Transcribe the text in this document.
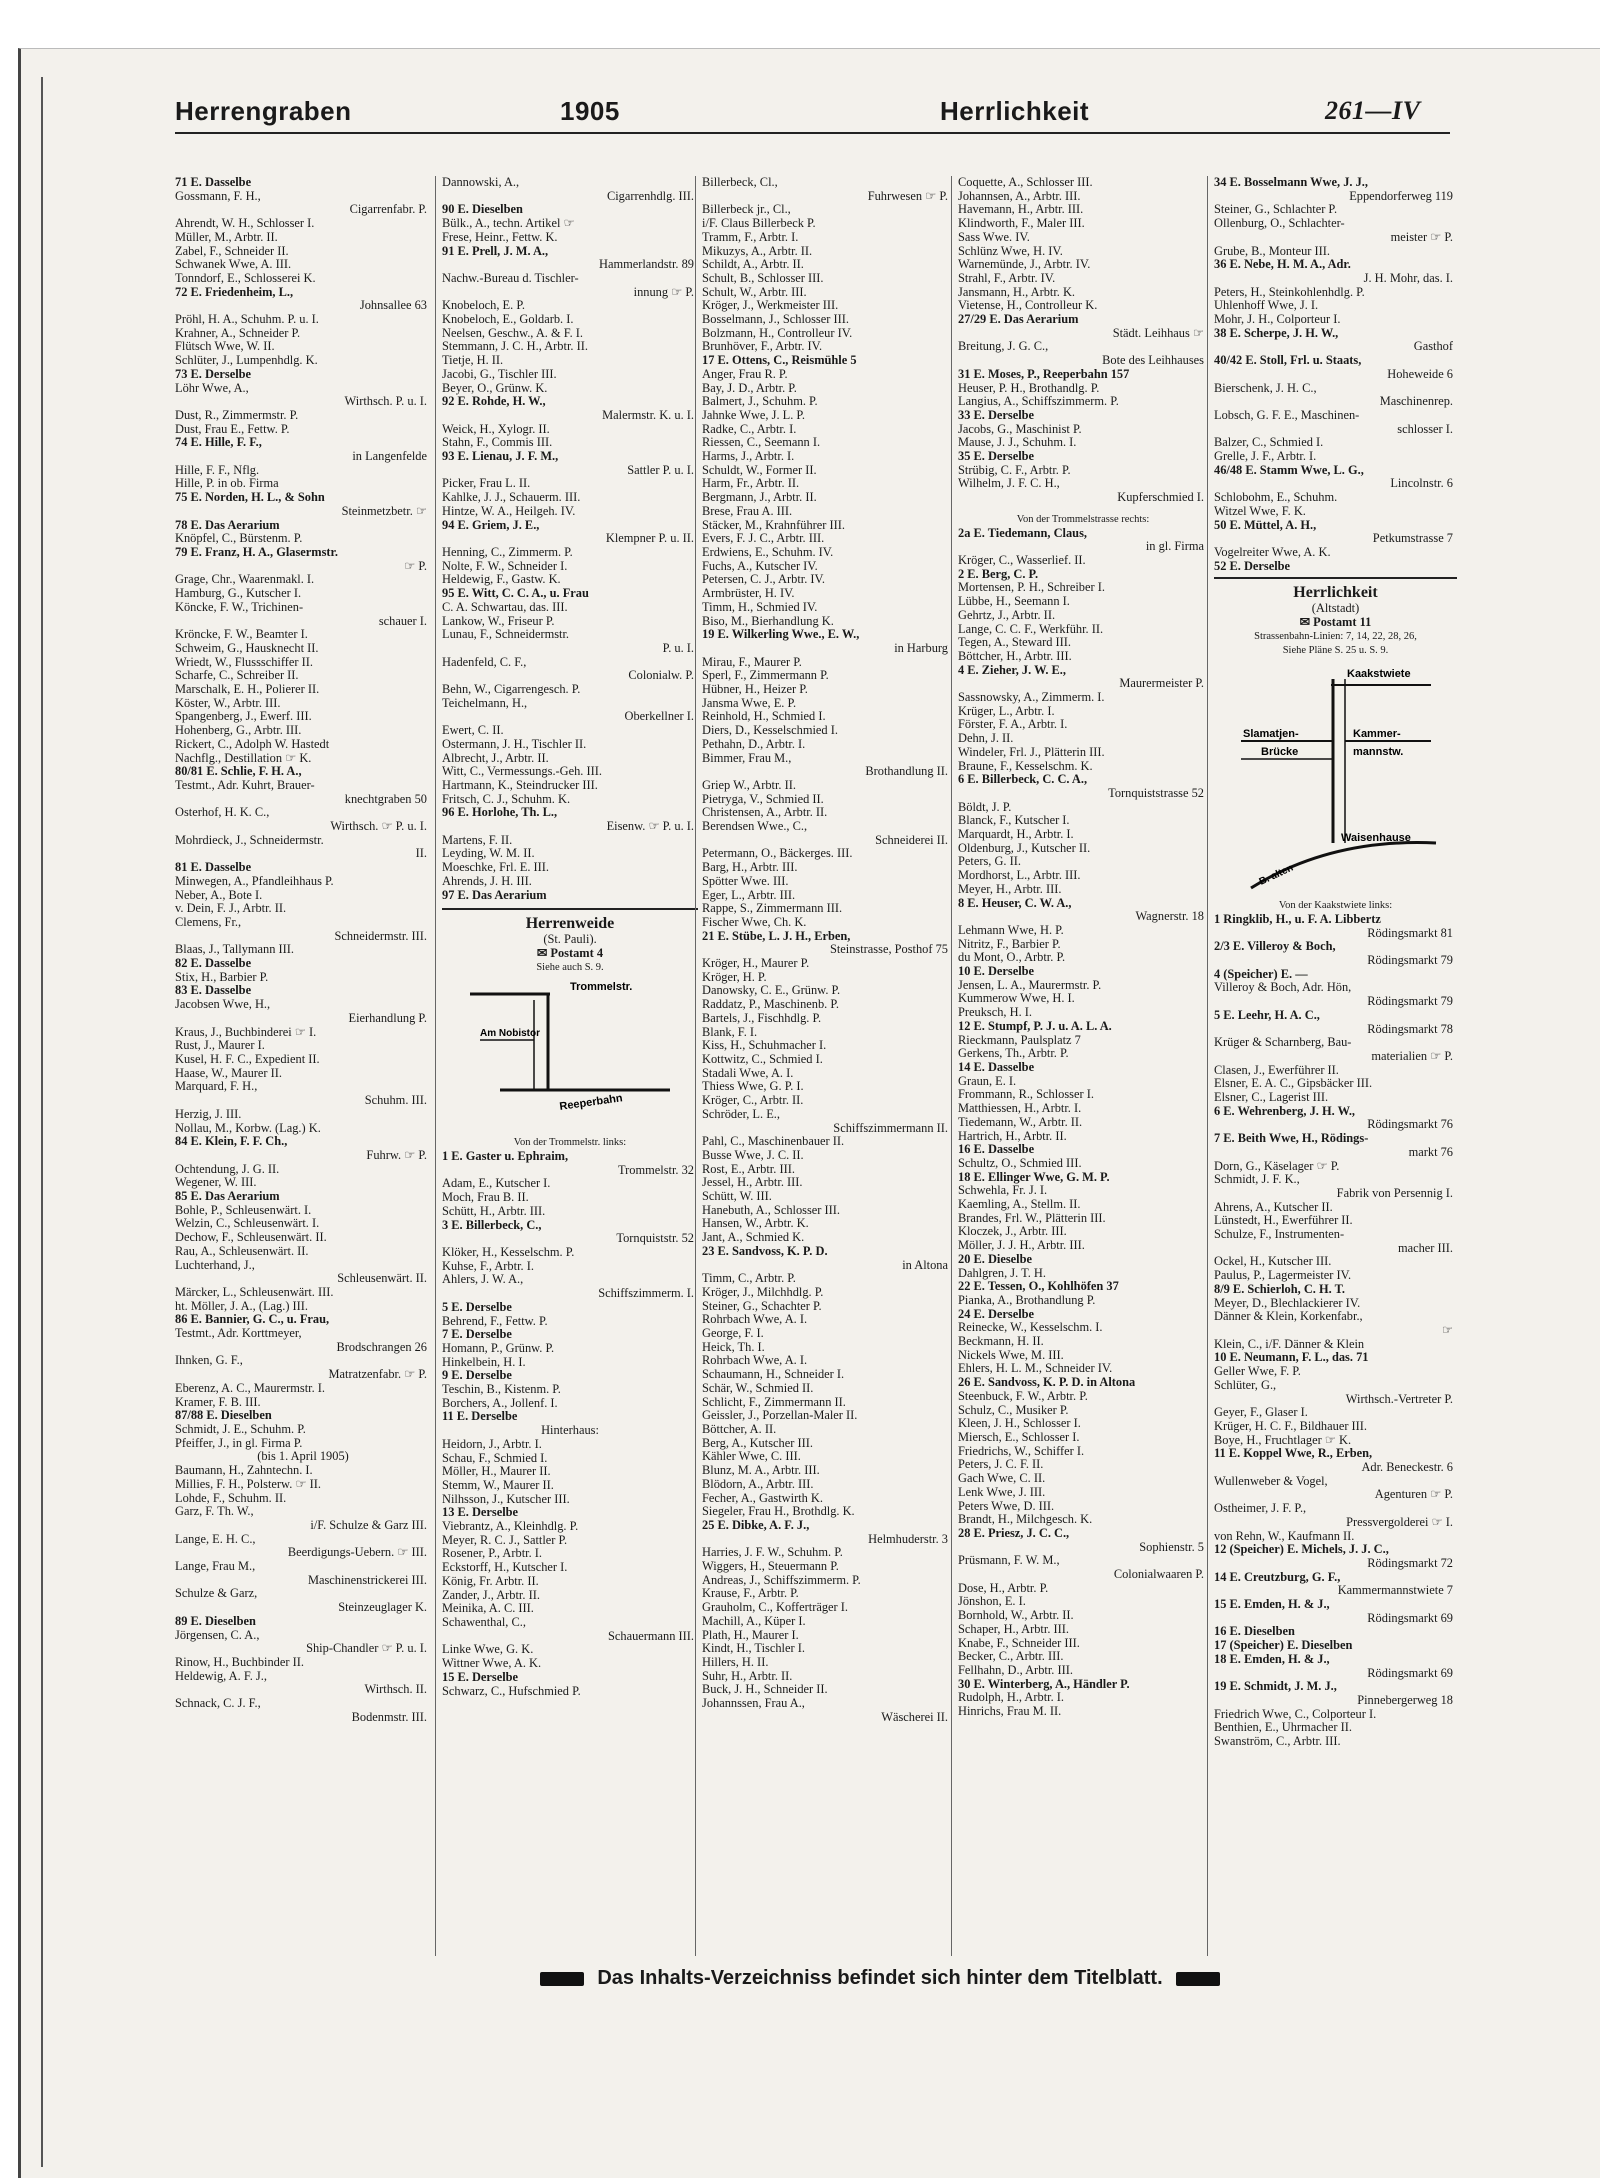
Herrengraben	1905	Herrlichkeit	261—IV
71 E. Dasselbe
Gossmann, F. H.,
Cigarrenfabr. P.
Ahrendt, W. H., Schlosser I.
Müller, M., Arbtr. II.
Zabel, F., Schneider II.
Schwanek Wwe, A. III.
Tonndorf, E., Schlosserei K.
72 E. Friedenheim, L.,
Johnsallee 63
Pröhl, H. A., Schuhm. P. u. I.
Krahner, A., Schneider P.
Flütsch Wwe, W. II.
Schlüter, J., Lumpenhdlg. K.
73 E. Derselbe
Löhr Wwe, A.,
Wirthsch. P. u. I.
Dust, R., Zimmermstr. P.
Dust, Frau E., Fettw. P.
74 E. Hille, F. F.,
in Langenfelde
Hille, F. F., Nflg.
Hille, P. in ob. Firma
75 E. Norden, H. L., & Sohn
Steinmetzbetr. ☞
78 E. Das Aerarium
Knöpfel, C., Bürstenm. P.
79 E. Franz, H. A., Glasermstr.
☞ P.
Grage, Chr., Waarenmakl. I.
Hamburg, G., Kutscher I.
Köncke, F. W., Trichinen-
schauer I.
Kröncke, F. W., Beamter I.
Schweim, G., Hausknecht II.
Wriedt, W., Flussschiffer II.
Scharfe, C., Schreiber II.
Marschalk, E. H., Polierer II.
Köster, W., Arbtr. III.
Spangenberg, J., Ewerf. III.
Hohenberg, G., Arbtr. III.
Rickert, C., Adolph W. Hastedt
Nachflg., Destillation ☞ K.
80/81 E. Schlie, F. H. A.,
Testmt., Adr. Kuhrt, Brauer-
knechtgraben 50
Osterhof, H. K. C.,
Wirthsch. ☞ P. u. I.
Mohrdieck, J., Schneidermstr.
II.
81 E. Dasselbe
Minwegen, A., Pfandleihhaus P.
Neber, A., Bote I.
v. Dein, F. J., Arbtr. II.
Clemens, Fr.,
Schneidermstr. III.
Blaas, J., Tallymann III.
82 E. Dasselbe
Stix, H., Barbier P.
83 E. Dasselbe
Jacobsen Wwe, H.,
Eierhandlung P.
Kraus, J., Buchbinderei ☞ I.
Rust, J., Maurer I.
Kusel, H. F. C., Expedient II.
Haase, W., Maurer II.
Marquard, F. H.,
Schuhm. III.
Herzig, J. III.
Nollau, M., Korbw. (Lag.) K.
84 E. Klein, F. F. Ch.,
Fuhrw. ☞ P.
Ochtendung, J. G. II.
Wegener, W. III.
85 E. Das Aerarium
Bohle, P., Schleusenwärt. I.
Welzin, C., Schleusenwärt. I.
Dechow, F., Schleusenwärt. II.
Rau, A., Schleusenwärt. II.
Luchterhand, J.,
Schleusenwärt. II.
Märcker, L., Schleusenwärt. III.
ht. Möller, J. A., (Lag.) III.
86 E. Bannier, G. C., u. Frau,
Testmt., Adr. Korttmeyer,
Brodschrangen 26
Ihnken, G. F.,
Matratzenfabr. ☞ P.
Eberenz, A. C., Maurermstr. I.
Kramer, F. B. III.
87/88 E. Dieselben
Schmidt, J. E., Schuhm. P.
Pfeiffer, J., in gl. Firma P.
(bis 1. April 1905)
Baumann, H., Zahntechn. I.
Millies, F. H., Polsterw. ☞ II.
Lohde, F., Schuhm. II.
Garz, F. Th. W.,
i/F. Schulze & Garz III.
Lange, E. H. C.,
Beerdigungs-Uebern. ☞ III.
Lange, Frau M.,
Maschinenstrickerei III.
Schulze & Garz,
Steinzeuglager K.
89 E. Dieselben
Jörgensen, C. A.,
Ship-Chandler ☞ P. u. I.
Rinow, H., Buchbinder II.
Heldewig, A. F. J.,
Wirthsch. II.
Schnack, C. J. F.,
Bodenmstr. III.
Dannowski, A.,
Cigarrenhdlg. III.
90 E. Dieselben
Bülk., A., techn. Artikel ☞
Frese, Heinr., Fettw. K.
91 E. Prell, J. M. A.,
Hammerlandstr. 89
Nachw.-Bureau d. Tischler-
innung ☞ P.
Knobeloch, E. P.
Knobeloch, E., Goldarb. I.
Neelsen, Geschw., A. & F. I.
Stemmann, J. C. H., Arbtr. II.
Tietje, H. II.
Jacobi, G., Tischler III.
Beyer, O., Grünw. K.
92 E. Rohde, H. W.,
Malermstr. K. u. I.
Weick, H., Xylogr. II.
Stahn, F., Commis III.
93 E. Lienau, J. F. M.,
Sattler P. u. I.
Picker, Frau L. II.
Kahlke, J. J., Schauerm. III.
Hintze, W. A., Heilgeh. IV.
94 E. Griem, J. E.,
Klempner P. u. II.
Henning, C., Zimmerm. P.
Nolte, F. W., Schneider I.
Heldewig, F., Gastw. K.
95 E. Witt, C. C. A., u. Frau
C. A. Schwartau, das. III.
Lankow, W., Friseur P.
Lunau, F., Schneidermstr.
P. u. I.
Hadenfeld, C. F.,
Colonialw. P.
Behn, W., Cigarrengesch. P.
Teichelmann, H.,
Oberkellner I.
Ewert, C. II.
Ostermann, J. H., Tischler II.
Albrecht, J., Arbtr. II.
Witt, C., Vermessungs.-Geh. III.
Hartmann, K., Steindrucker III.
Fritsch, C. J., Schuhm. K.
96 E. Horlohe, Th. L.,
Eisenw. ☞ P. u. I.
Martens, F. II.
Leyding, W. M. II.
Moeschke, Frl. E. III.
Ahrends, J. H. III.
97 E. Das Aerarium
Herrenweide
(St. Pauli).
✉ Postamt 4
Siehe auch S. 9.
Trommelstr.
Am Nobistor
Reeperbahn
Von der Trommelstr. links:
1 E. Gaster u. Ephraim,
Trommelstr. 32
Adam, E., Kutscher I.
Moch, Frau B. II.
Schütt, H., Arbtr. III.
3 E. Billerbeck, C.,
Tornquiststr. 52
Klöker, H., Kesselschm. P.
Kuhse, F., Arbtr. I.
Ahlers, J. W. A.,
Schiffszimmerm. I.
5 E. Derselbe
Behrend, F., Fettw. P.
7 E. Derselbe
Homann, P., Grünw. P.
Hinkelbein, H. I.
9 E. Derselbe
Teschin, B., Kistenm. P.
Borchers, A., Jollenf. I.
11 E. Derselbe
Hinterhaus:
Heidorn, J., Arbtr. I.
Schau, F., Schmied I.
Möller, H., Maurer II.
Stemm, W., Maurer II.
Nilhsson, J., Kutscher III.
13 E. Derselbe
Viebrantz, A., Kleinhdlg. P.
Meyer, R. C. J., Sattler P.
Rosener, P., Arbtr. I.
Eckstorff, H., Kutscher I.
König, Fr. Arbtr. II.
Zander, J., Arbtr. II.
Meinika, A. C. III.
Schawenthal, C.,
Schauermann III.
Linke Wwe, G. K.
Wittner Wwe, A. K.
15 E. Derselbe
Schwarz, C., Hufschmied P.
Billerbeck, Cl.,
Fuhrwesen ☞ P.
Billerbeck jr., Cl.,
i/F. Claus Billerbeck P.
Tramm, F., Arbtr. I.
Mikuzys, A., Arbtr. II.
Schildt, A., Arbtr. II.
Schult, B., Schlosser III.
Schult, W., Arbtr. III.
Kröger, J., Werkmeister III.
Bosselmann, J., Schlosser III.
Bolzmann, H., Controlleur IV.
Brunhöver, F., Arbtr. IV.
17 E. Ottens, C., Reismühle 5
Anger, Frau R. P.
Bay, J. D., Arbtr. P.
Balmert, J., Schuhm. P.
Jahnke Wwe, J. L. P.
Radke, C., Arbtr. I.
Riessen, C., Seemann I.
Harms, J., Arbtr. I.
Schuldt, W., Former II.
Harm, Fr., Arbtr. II.
Bergmann, J., Arbtr. II.
Brese, Frau A. III.
Stäcker, M., Krahnführer III.
Evers, F. J. C., Arbtr. III.
Erdwiens, E., Schuhm. IV.
Fuchs, A., Kutscher IV.
Petersen, C. J., Arbtr. IV.
Armbrüster, H. IV.
Timm, H., Schmied IV.
Biso, M., Bierhandlung K.
19 E. Wilkerling Wwe., E. W.,
in Harburg
Mirau, F., Maurer P.
Sperl, F., Zimmermann P.
Hübner, H., Heizer P.
Jansma Wwe, E. P.
Reinhold, H., Schmied I.
Diers, D., Kesselschmied I.
Pethahn, D., Arbtr. I.
Bimmer, Frau M.,
Brothandlung II.
Griep W., Arbtr. II.
Pietryga, V., Schmied II.
Christensen, A., Arbtr. II.
Berendsen Wwe., C.,
Schneiderei II.
Petermann, O., Bäckerges. III.
Barg, H., Arbtr. III.
Spötter Wwe. III.
Eger, L., Arbtr. III.
Rappe, S., Zimmermann III.
Fischer Wwe, Ch. K.
21 E. Stübe, L. J. H., Erben,
Steinstrasse, Posthof 75
Kröger, H., Maurer P.
Kröger, H. P.
Danowsky, C. E., Grünw. P.
Raddatz, P., Maschinenb. P.
Bartels, J., Fischhdlg. P.
Blank, F. I.
Kiss, H., Schuhmacher I.
Kottwitz, C., Schmied I.
Stadali Wwe, A. I.
Thiess Wwe, G. P. I.
Kröger, C., Arbtr. II.
Schröder, L. E.,
Schiffszimmermann II.
Pahl, C., Maschinenbauer II.
Busse Wwe, J. C. II.
Rost, E., Arbtr. III.
Jessel, H., Arbtr. III.
Schütt, W. III.
Hanebuth, A., Schlosser III.
Hansen, W., Arbtr. K.
Jant, A., Schmied K.
23 E. Sandvoss, K. P. D.
in Altona
Timm, C., Arbtr. P.
Kröger, J., Milchhdlg. P.
Steiner, G., Schachter P.
Rohrbach Wwe, A. I.
George, F. I.
Heick, Th. I.
Rohrbach Wwe, A. I.
Schaumann, H., Schneider I.
Schär, W., Schmied II.
Schlicht, F., Zimmermann II.
Geissler, J., Porzellan-Maler II.
Böttcher, A. II.
Berg, A., Kutscher III.
Kähler Wwe, C. III.
Blunz, M. A., Arbtr. III.
Blödorn, A., Arbtr. III.
Fecher, A., Gastwirth K.
Siegeler, Frau H., Brothdlg. K.
25 E. Dibke, A. F. J.,
Helmhuderstr. 3
Harries, J. F. W., Schuhm. P.
Wiggers, H., Steuermann P.
Andreas, J., Schiffszimmerm. P.
Krause, F., Arbtr. P.
Grauholm, C., Kofferträger I.
Machill, A., Küper I.
Plath, H., Maurer I.
Kindt, H., Tischler I.
Hillers, H. II.
Suhr, H., Arbtr. II.
Buck, J. H., Schneider II.
Johannssen, Frau A.,
Wäscherei II.
Coquette, A., Schlosser III.
Johannsen, A., Arbtr. III.
Havemann, H., Arbtr. III.
Klindworth, F., Maler III.
Sass Wwe. IV.
Schlünz Wwe, H. IV.
Warnemünde, J., Arbtr. IV.
Strahl, F., Arbtr. IV.
Jansmann, H., Arbtr. K.
Vietense, H., Controlleur K.
27/29 E. Das Aerarium
Städt. Leihhaus ☞
Breitung, J. G. C.,
Bote des Leihhauses
31 E. Moses, P., Reeperbahn 157
Heuser, P. H., Brothandlg. P.
Langius, A., Schiffszimmerm. P.
33 E. Derselbe
Jacobs, G., Maschinist P.
Mause, J. J., Schuhm. I.
35 E. Derselbe
Strübig, C. F., Arbtr. P.
Wilhelm, J. F. C. H.,
Kupferschmied I.
Von der Trommelstrasse rechts:
2a E. Tiedemann, Claus,
in gl. Firma
Kröger, C., Wasserlief. II.
2 E. Berg, C. P.
Mortensen, P. H., Schreiber I.
Lübbe, H., Seemann I.
Gehrtz, J., Arbtr. II.
Lange, C. C. F., Werkführ. II.
Tegen, A., Steward III.
Böttcher, H., Arbtr. III.
4 E. Zieher, J. W. E.,
Maurermeister P.
Sassnowsky, A., Zimmerm. I.
Krüger, L., Arbtr. I.
Förster, F. A., Arbtr. I.
Dehn, J. II.
Windeler, Frl. J., Plätterin III.
Braune, F., Kesselschm. K.
6 E. Billerbeck, C. C. A.,
Tornquiststrasse 52
Böldt, J. P.
Blanck, F., Kutscher I.
Marquardt, H., Arbtr. I.
Oldenburg, J., Kutscher II.
Peters, G. II.
Mordhorst, L., Arbtr. III.
Meyer, H., Arbtr. III.
8 E. Heuser, C. W. A.,
Wagnerstr. 18
Lehmann Wwe, H. P.
Nitritz, F., Barbier P.
du Mont, O., Arbtr. P.
10 E. Derselbe
Jensen, L. A., Maurermstr. P.
Kummerow Wwe, H. I.
Preuksch, H. I.
12 E. Stumpf, P. J. u. A. L. A.
Rieckmann, Paulsplatz 7
Gerkens, Th., Arbtr. P.
14 E. Dasselbe
Graun, E. I.
Frommann, R., Schlosser I.
Matthiessen, H., Arbtr. I.
Tiedemann, W., Arbtr. II.
Hartrich, H., Arbtr. II.
16 E. Dasselbe
Schultz, O., Schmied III.
18 E. Ellinger Wwe, G. M. P.
Schwehla, Fr. J. I.
Kaemling, A., Stellm. II.
Brandes, Frl. W., Plätterin III.
Kloczek, J., Arbtr. III.
Möller, J. J. H., Arbtr. III.
20 E. Dieselbe
Dahlgren, J. T. H.
22 E. Tessen, O., Kohlhöfen 37
Pianka, A., Brothandlung P.
24 E. Derselbe
Reinecke, W., Kesselschm. I.
Beckmann, H. II.
Nickels Wwe, M. III.
Ehlers, H. L. M., Schneider IV.
26 E. Sandvoss, K. P. D. in Altona
Steenbuck, F. W., Arbtr. P.
Schulz, C., Musiker P.
Kleen, J. H., Schlosser I.
Miersch, E., Schlosser I.
Friedrichs, W., Schiffer I.
Peters, J. C. F. II.
Gach Wwe, C. II.
Lenk Wwe, J. III.
Peters Wwe, D. III.
Brandt, H., Milchgesch. K.
28 E. Priesz, J. C. C.,
Sophienstr. 5
Prüsmann, F. W. M.,
Colonialwaaren P.
Dose, H., Arbtr. P.
Jönshon, E. I.
Bornhold, W., Arbtr. II.
Schaper, H., Arbtr. III.
Knabe, F., Schneider III.
Becker, C., Arbtr. III.
Fellhahn, D., Arbtr. III.
30 E. Winterberg, A., Händler P.
Rudolph, H., Arbtr. I.
Hinrichs, Frau M. II.
34 E. Bosselmann Wwe, J. J.,
Eppendorferweg 119
Steiner, G., Schlachter P.
Ollenburg, O., Schlachter-
meister ☞ P.
Grube, B., Monteur III.
36 E. Nebe, H. M. A., Adr.
J. H. Mohr, das. I.
Peters, H., Steinkohlenhdlg. P.
Uhlenhoff Wwe, J. I.
Mohr, J. H., Colporteur I.
38 E. Scherpe, J. H. W.,
Gasthof
40/42 E. Stoll, Frl. u. Staats,
Hoheweide 6
Bierschenk, J. H. C.,
Maschinenrep.
Lobsch, G. F. E., Maschinen-
schlosser I.
Balzer, C., Schmied I.
Grelle, J. F., Arbtr. I.
46/48 E. Stamm Wwe, L. G.,
Lincolnstr. 6
Schlobohm, E., Schuhm.
Witzel Wwe, F. K.
50 E. Müttel, A. H.,
Petkumstrasse 7
Vogelreiter Wwe, A. K.
52 E. Derselbe
Herrlichkeit
(Altstadt)
✉ Postamt 11
Strassenbahn-Linien: 7, 14, 22, 28, 26,
Siehe Pläne S. 25 u. S. 9.
Kaakstwiete
Slamatjen-
Brücke
Kammer-
mannstw.
B. alten
Waisenhause
Von der Kaakstwiete links:
1 Ringklib, H., u. F. A. Libbertz
Rödingsmarkt 81
2/3 E. Villeroy & Boch,
Rödingsmarkt 79
4 (Speicher) E. —
Villeroy & Boch, Adr. Hön,
Rödingsmarkt 79
5 E. Leehr, H. A. C.,
Rödingsmarkt 78
Krüger & Scharnberg, Bau-
materialien ☞ P.
Clasen, J., Ewerführer II.
Elsner, E. A. C., Gipsbäcker III.
Elsner, C., Lagerist III.
6 E. Wehrenberg, J. H. W.,
Rödingsmarkt 76
7 E. Beith Wwe, H., Rödings-
markt 76
Dorn, G., Käselager ☞ P.
Schmidt, J. F. K.,
Fabrik von Persennig I.
Ahrens, A., Kutscher II.
Lünstedt, H., Ewerführer II.
Schulze, F., Instrumenten-
macher III.
Ockel, H., Kutscher III.
Paulus, P., Lagermeister IV.
8/9 E. Schierloh, C. H. T.
Meyer, D., Blechlackierer IV.
Dänner & Klein, Korkenfabr.,
☞
Klein, C., i/F. Dänner & Klein
10 E. Neumann, F. L., das. 71
Geller Wwe, F. P.
Schlüter, G.,
Wirthsch.-Vertreter P.
Geyer, F., Glaser I.
Krüger, H. C. F., Bildhauer III.
Boye, H., Fruchtlager ☞ K.
11 E. Koppel Wwe, R., Erben,
Adr. Beneckestr. 6
Wullenweber & Vogel,
Agenturen ☞ P.
Ostheimer, J. F. P.,
Pressvergolderei ☞ I.
von Rehn, W., Kaufmann II.
12 (Speicher) E. Michels, J. J. C.,
Rödingsmarkt 72
14 E. Creutzburg, G. F.,
Kammermannstwiete 7
15 E. Emden, H. & J.,
Rödingsmarkt 69
16 E. Dieselben
17 (Speicher) E. Dieselben
18 E. Emden, H. & J.,
Rödingsmarkt 69
19 E. Schmidt, J. M. J.,
Pinnebergerweg 18
Friedrich Wwe, C., Colporteur I.
Benthien, E., Uhrmacher II.
Swanström, C., Arbtr. III.
Das Inhalts-Verzeichniss befindet sich hinter dem Titelblatt.
